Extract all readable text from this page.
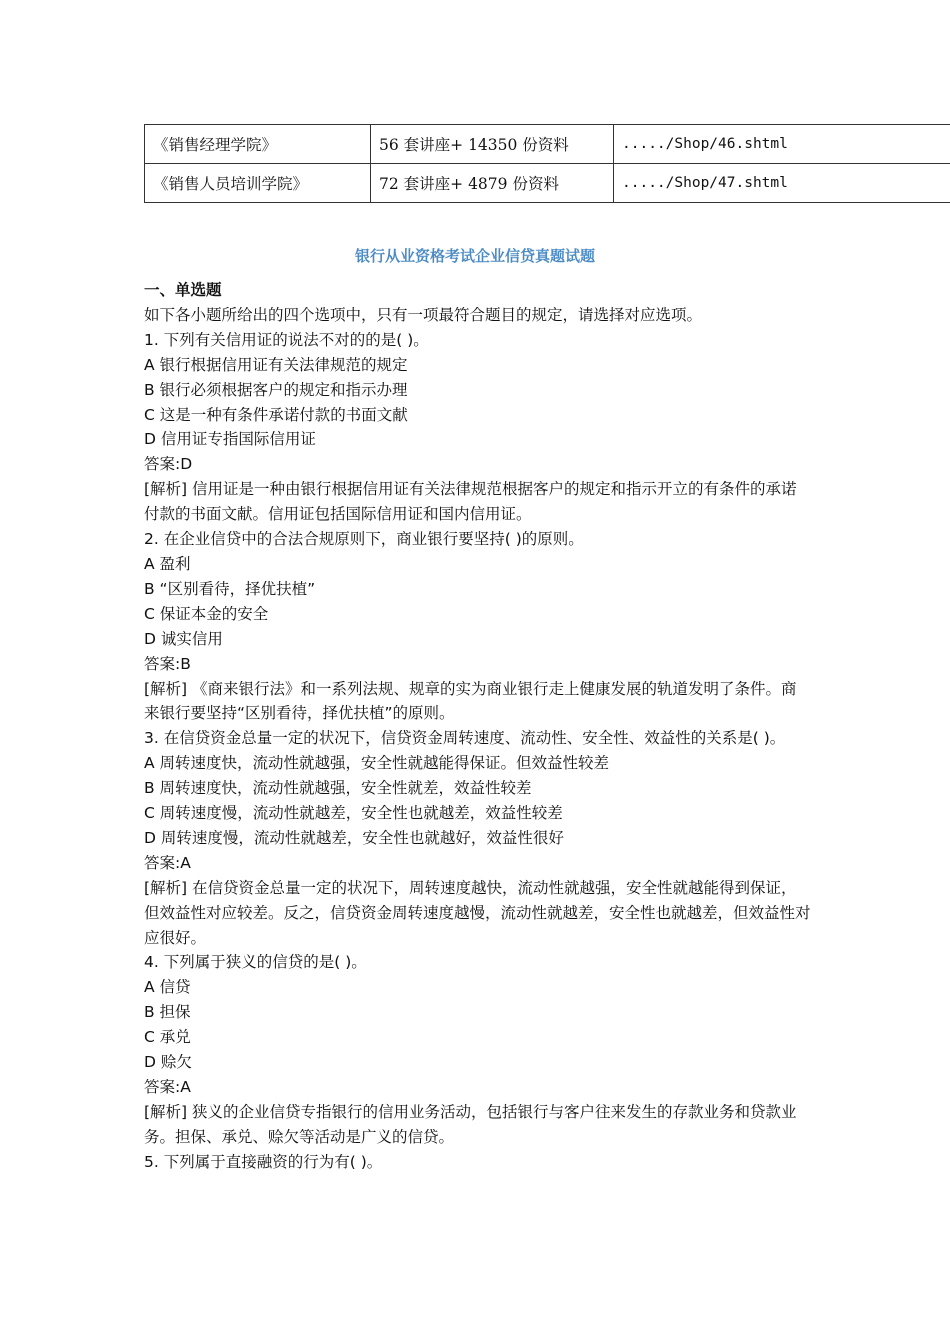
《销售经理学院》	56 套讲座+ 14350 份资料	...../Shop/46.shtml
《销售人员培训学院》	72 套讲座+ 4879 份资料	...../Shop/47.shtml
银行从业资格考试企业信贷真题试题

一、单选题

如下各小题所给出的四个选项中，只有一项最符合题目的规定，请选择对应选项。

1. 下列有关信用证的说法不对的的是( )。

A 银行根据信用证有关法律规范的规定

B 银行必须根据客户的规定和指示办理

C 这是一种有条件承诺付款的书面文献

D 信用证专指国际信用证

答案:D

[解析] 信用证是一种由银行根据信用证有关法律规范根据客户的规定和指示开立的有条件的承诺付款的书面文献。信用证包括国际信用证和国内信用证。

2. 在企业信贷中的合法合规原则下，商业银行要坚持( )的原则。

A 盈利

B “区别看待，择优扶植”

C 保证本金的安全

D 诚实信用

答案:B

[解析] 《商来银行法》和一系列法规、规章的实为商业银行走上健康发展的轨道发明了条件。商来银行要坚持“区别看待，择优扶植”的原则。

3. 在信贷资金总量一定的状况下，信贷资金周转速度、流动性、安全性、效益性的关系是( )。

A 周转速度快，流动性就越强，安全性就越能得保证。但效益性较差

B 周转速度快，流动性就越强，安全性就差，效益性较差

C 周转速度慢，流动性就越差，安全性也就越差，效益性较差

D 周转速度慢，流动性就越差，安全性也就越好，效益性很好

答案:A

[解析] 在信贷资金总量一定的状况下，周转速度越快，流动性就越强，安全性就越能得到保证，但效益性对应较差。反之，信贷资金周转速度越慢，流动性就越差，安全性也就越差，但效益性对应很好。

4. 下列属于狭义的信贷的是( )。

A 信贷

B 担保

C 承兑

D 赊欠

答案:A

[解析] 狭义的企业信贷专指银行的信用业务活动，包括银行与客户往来发生的存款业务和贷款业务。担保、承兑、赊欠等活动是广义的信贷。

5. 下列属于直接融资的行为有( )。
